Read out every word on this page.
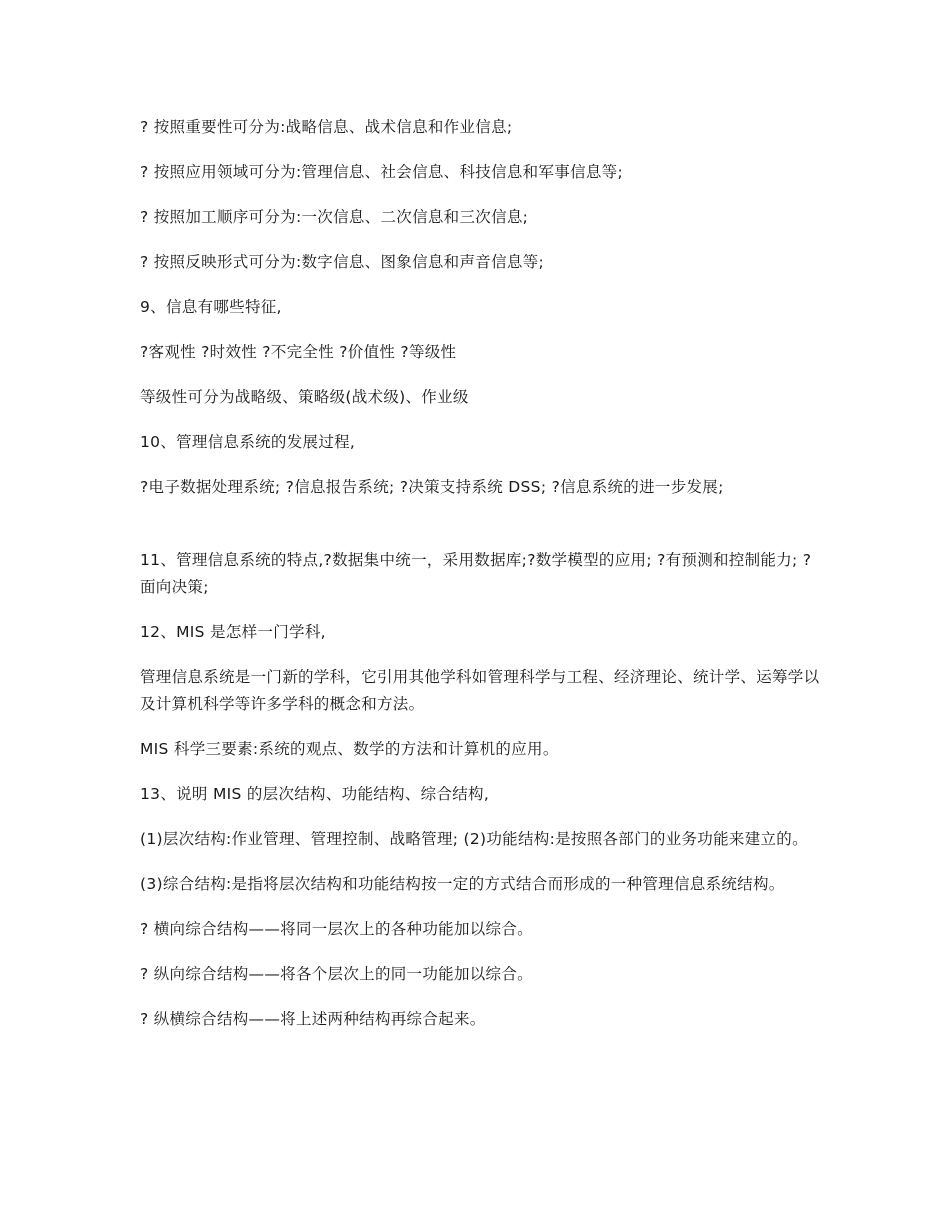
? 按照重要性可分为:战略信息、战术信息和作业信息;

? 按照应用领域可分为:管理信息、社会信息、科技信息和军事信息等;

? 按照加工顺序可分为:一次信息、二次信息和三次信息;

? 按照反映形式可分为:数字信息、图象信息和声音信息等;

9、信息有哪些特征,

?客观性 ?时效性 ?不完全性 ?价值性 ?等级性

等级性可分为战略级、策略级(战术级)、作业级

10、管理信息系统的发展过程,

?电子数据处理系统; ?信息报告系统; ?决策支持系统 DSS; ?信息系统的进一步发展;

11、管理信息系统的特点,?数据集中统一，采用数据库;?数学模型的应用; ?有预测和控制能力; ?面向决策;

12、MIS 是怎样一门学科,

管理信息系统是一门新的学科，它引用其他学科如管理科学与工程、经济理论、统计学、运筹学以及计算机科学等许多学科的概念和方法。

MIS 科学三要素:系统的观点、数学的方法和计算机的应用。

13、说明 MIS 的层次结构、功能结构、综合结构,

(1)层次结构:作业管理、管理控制、战略管理; (2)功能结构:是按照各部门的业务功能来建立的。

(3)综合结构:是指将层次结构和功能结构按一定的方式结合而形成的一种管理信息系统结构。

? 横向综合结构——将同一层次上的各种功能加以综合。

? 纵向综合结构——将各个层次上的同一功能加以综合。

? 纵横综合结构——将上述两种结构再综合起来。
